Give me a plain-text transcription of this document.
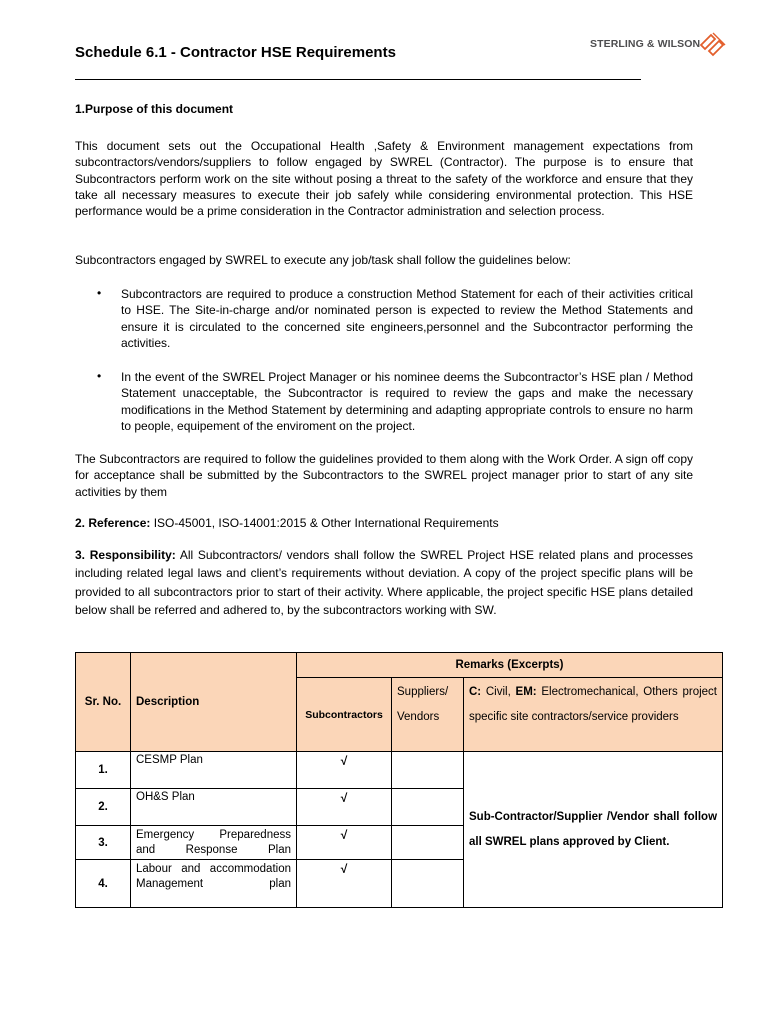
Schedule 6.1 - Contractor HSE Requirements	STERLING & WILSON
1.Purpose of this document

This document sets out the Occupational Health ,Safety & Environment management expectations from subcontractors/vendors/suppliers to follow engaged by SWREL (Contractor). The purpose is to ensure that Subcontractors perform work on the site without posing a threat to the safety of the workforce and ensure that they take all necessary measures to execute their job safely while considering environmental protection. This HSE performance would be a prime consideration in the Contractor administration and selection process.

Subcontractors engaged by SWREL to execute any job/task shall follow the guidelines below:

• Subcontractors are required to produce a construction Method Statement for each of their activities critical to HSE. The Site-in-charge and/or nominated person is expected to review the Method Statements and ensure it is circulated to the concerned site engineers,personnel and the Subcontractor performing the activities.

• In the event of the SWREL Project Manager or his nominee deems the Subcontractor’s HSE plan / Method Statement unacceptable, the Subcontractor is required to review the gaps and make the necessary modifications in the Method Statement by determining and adapting appropriate controls to ensure no harm to people, equipement of the enviroment on the project.

The Subcontractors are required to follow the guidelines provided to them along with the Work Order. A sign off copy for acceptance shall be submitted by the Subcontractors to the SWREL project manager prior to start of any site activities by them

2. Reference: ISO-45001, ISO-14001:2015 & Other International Requirements

3. Responsibility: All Subcontractors/ vendors shall follow the SWREL Project HSE related plans and processes including related legal laws and client’s requirements without deviation. A copy of the project specific plans will be provided to all subcontractors prior to start of their activity. Where applicable, the project specific HSE plans detailed below shall be referred and adhered to, by the subcontractors working with SW.

Sr. No.	Description	Remarks (Excerpts)		
		Subcontractors	Suppliers/ Vendors	C: Civil, EM: Electromechanical, Others project specific site contractors/service providers
1.	CESMP Plan	√		Sub-Contractor/Supplier /Vendor shall follow all SWREL plans approved by Client.
2.	OH&S Plan	√		
3.	Emergency Preparedness and Response Plan	√		
4.	Labour and accommodation Management plan	√		
